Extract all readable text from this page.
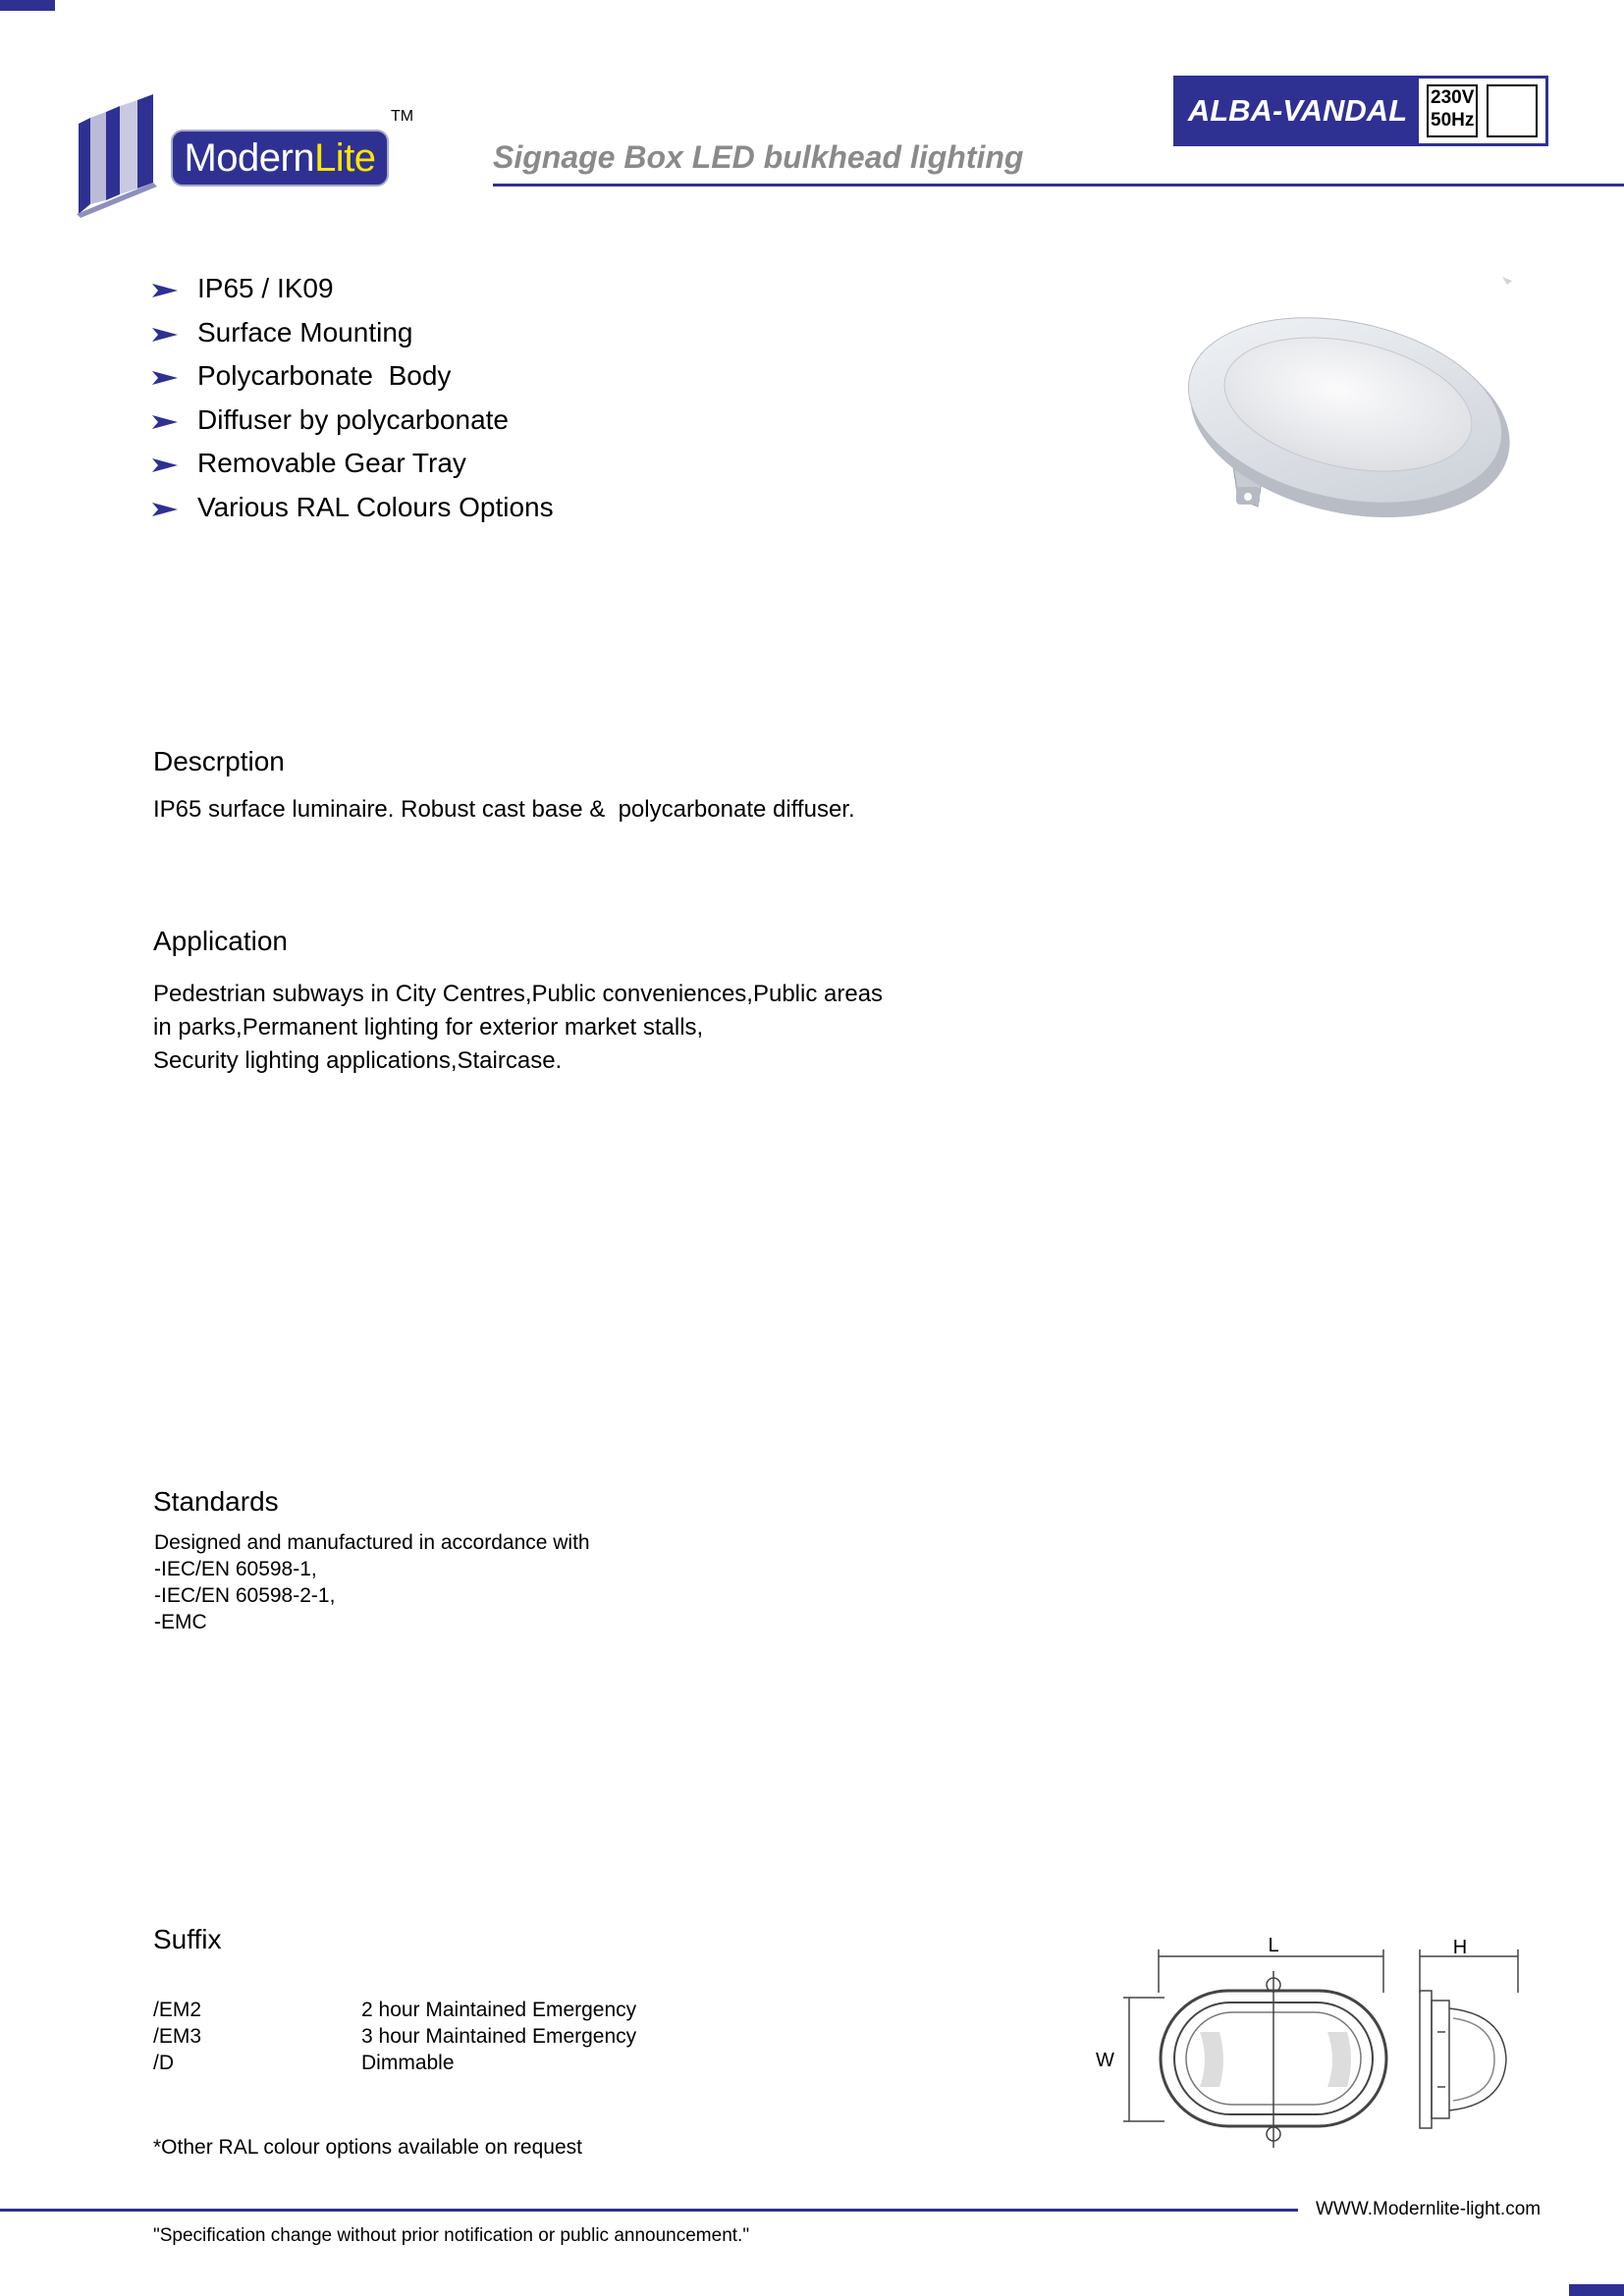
ModernLite
TM
Signage Box LED bulkhead lighting
ALBA-VANDAL	230V
50Hz
IP65 / IK09
Surface Mounting
Polycarbonate  Body
Diffuser by polycarbonate
Removable Gear Tray
Various RAL Colours Options
Descrption
IP65 surface luminaire. Robust cast base &  polycarbonate diffuser.
Application
Pedestrian subways in City Centres,Public conveniences,Public areas
in parks,Permanent lighting for exterior market stalls,
Security lighting applications,Staircase.
Standards
Designed and manufactured in accordance with
-IEC/EN 60598-1,
-IEC/EN 60598-2-1,
-EMC
Suffix
/EM2	2 hour Maintained Emergency
/EM3	3 hour Maintained Emergency
/D	Dimmable
*Other RAL colour options available on request
L	H
W
WWW.Modernlite-light.com
"Specification change without prior notification or public announcement."
